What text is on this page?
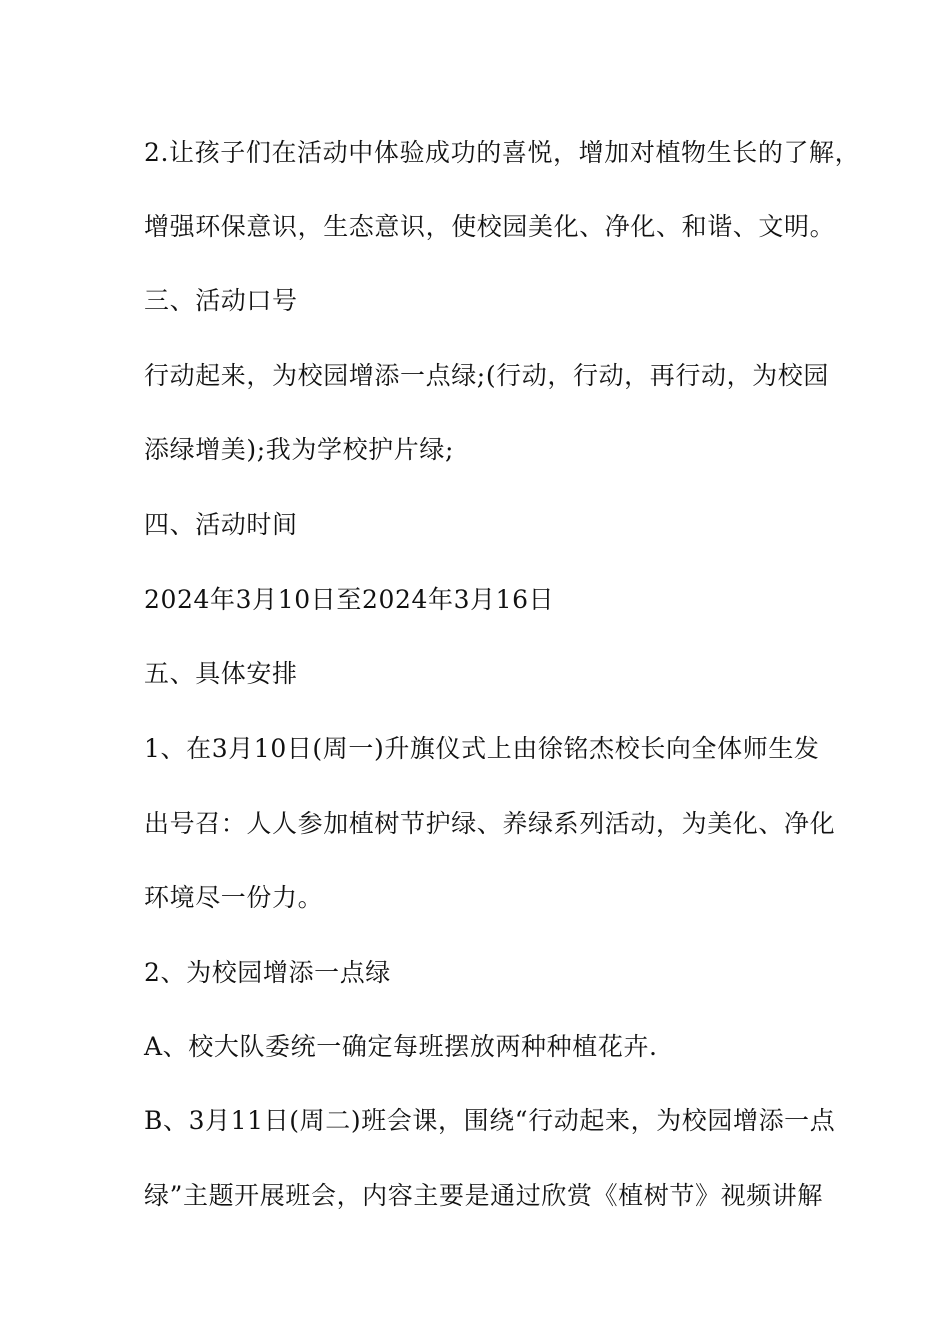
2.让孩子们在活动中体验成功的喜悦，增加对植物生长的了解，
增强环保意识，生态意识，使校园美化、净化、和谐、文明。
三、活动口号
行动起来，为校园增添一点绿;(行动，行动，再行动，为校园
添绿增美);我为学校护片绿;
四、活动时间
2024年3月10日至2024年3月16日
五、具体安排
1、在3月10日(周一)升旗仪式上由徐铭杰校长向全体师生发
出号召：人人参加植树节护绿、养绿系列活动，为美化、净化
环境尽一份力。
2、为校园增添一点绿
A、校大队委统一确定每班摆放两种种植花卉.
B、3月11日(周二)班会课，围绕“行动起来，为校园增添一点
绿”主题开展班会，内容主要是通过欣赏《植树节》视频讲解
